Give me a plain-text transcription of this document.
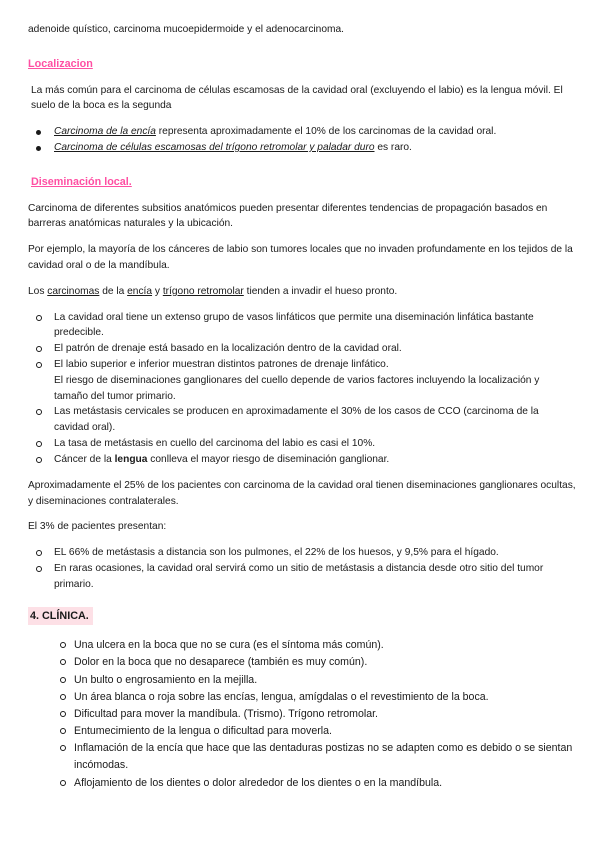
adenoide quístico, carcinoma mucoepidermoide y el adenocarcinoma.

Localizacion

La más común para el carcinoma de células escamosas de la cavidad oral (excluyendo el labio) es la lengua móvil. El suelo de la boca es la segunda

Carcinoma de la encía representa aproximadamente el 10% de los carcinomas de la cavidad oral.
Carcinoma de células escamosas del trígono retromolar y paladar duro es raro.
Diseminación local.

Carcinoma de diferentes subsitios anatómicos pueden presentar diferentes tendencias de propagación basados en barreras anatómicas naturales y la ubicación.

Por ejemplo, la mayoría de los cánceres de labio son tumores locales que no invaden profundamente en los tejidos de la cavidad oral o de la mandíbula.

Los carcinomas de la encía y trígono retromolar tienden a invadir el hueso pronto.

La cavidad oral tiene un extenso grupo de vasos linfáticos que permite una diseminación linfática bastante predecible.
El patrón de drenaje está basado en la localización dentro de la cavidad oral.
El labio superior e inferior muestran distintos patrones de drenaje linfático.
El riesgo de diseminaciones ganglionares del cuello depende de varios factores incluyendo la localización y tamaño del tumor primario.
Las metástasis cervicales se producen en aproximadamente el 30% de los casos de CCO (carcinoma de la cavidad oral).
La tasa de metástasis en cuello del carcinoma del labio es casi el 10%.
Cáncer de la lengua conlleva el mayor riesgo de diseminación ganglionar.

Aproximadamente el 25% de los pacientes con carcinoma de la cavidad oral tienen diseminaciones ganglionares ocultas, y diseminaciones contralaterales.

El 3% de pacientes presentan:

EL 66% de metástasis a distancia son los pulmones, el 22% de los huesos, y 9,5% para el hígado.
En raras ocasiones, la cavidad oral servirá como un sitio de metástasis a distancia desde otro sitio del tumor primario.
4. CLÍNICA.
Una ulcera en la boca que no se cura (es el síntoma más común).
Dolor en la boca que no desaparece (también es muy común).
Un bulto o engrosamiento en la mejilla.
Un área blanca o roja sobre las encías, lengua, amígdalas o el revestimiento de la boca.
Dificultad para mover la mandíbula. (Trismo). Trígono retromolar.
Entumecimiento de la lengua o dificultad para moverla.
Inflamación de la encía que hace que las dentaduras postizas no se adapten como es debido o se sientan incómodas.
Aflojamiento de los dientes o dolor alrededor de los dientes o en la mandíbula.
